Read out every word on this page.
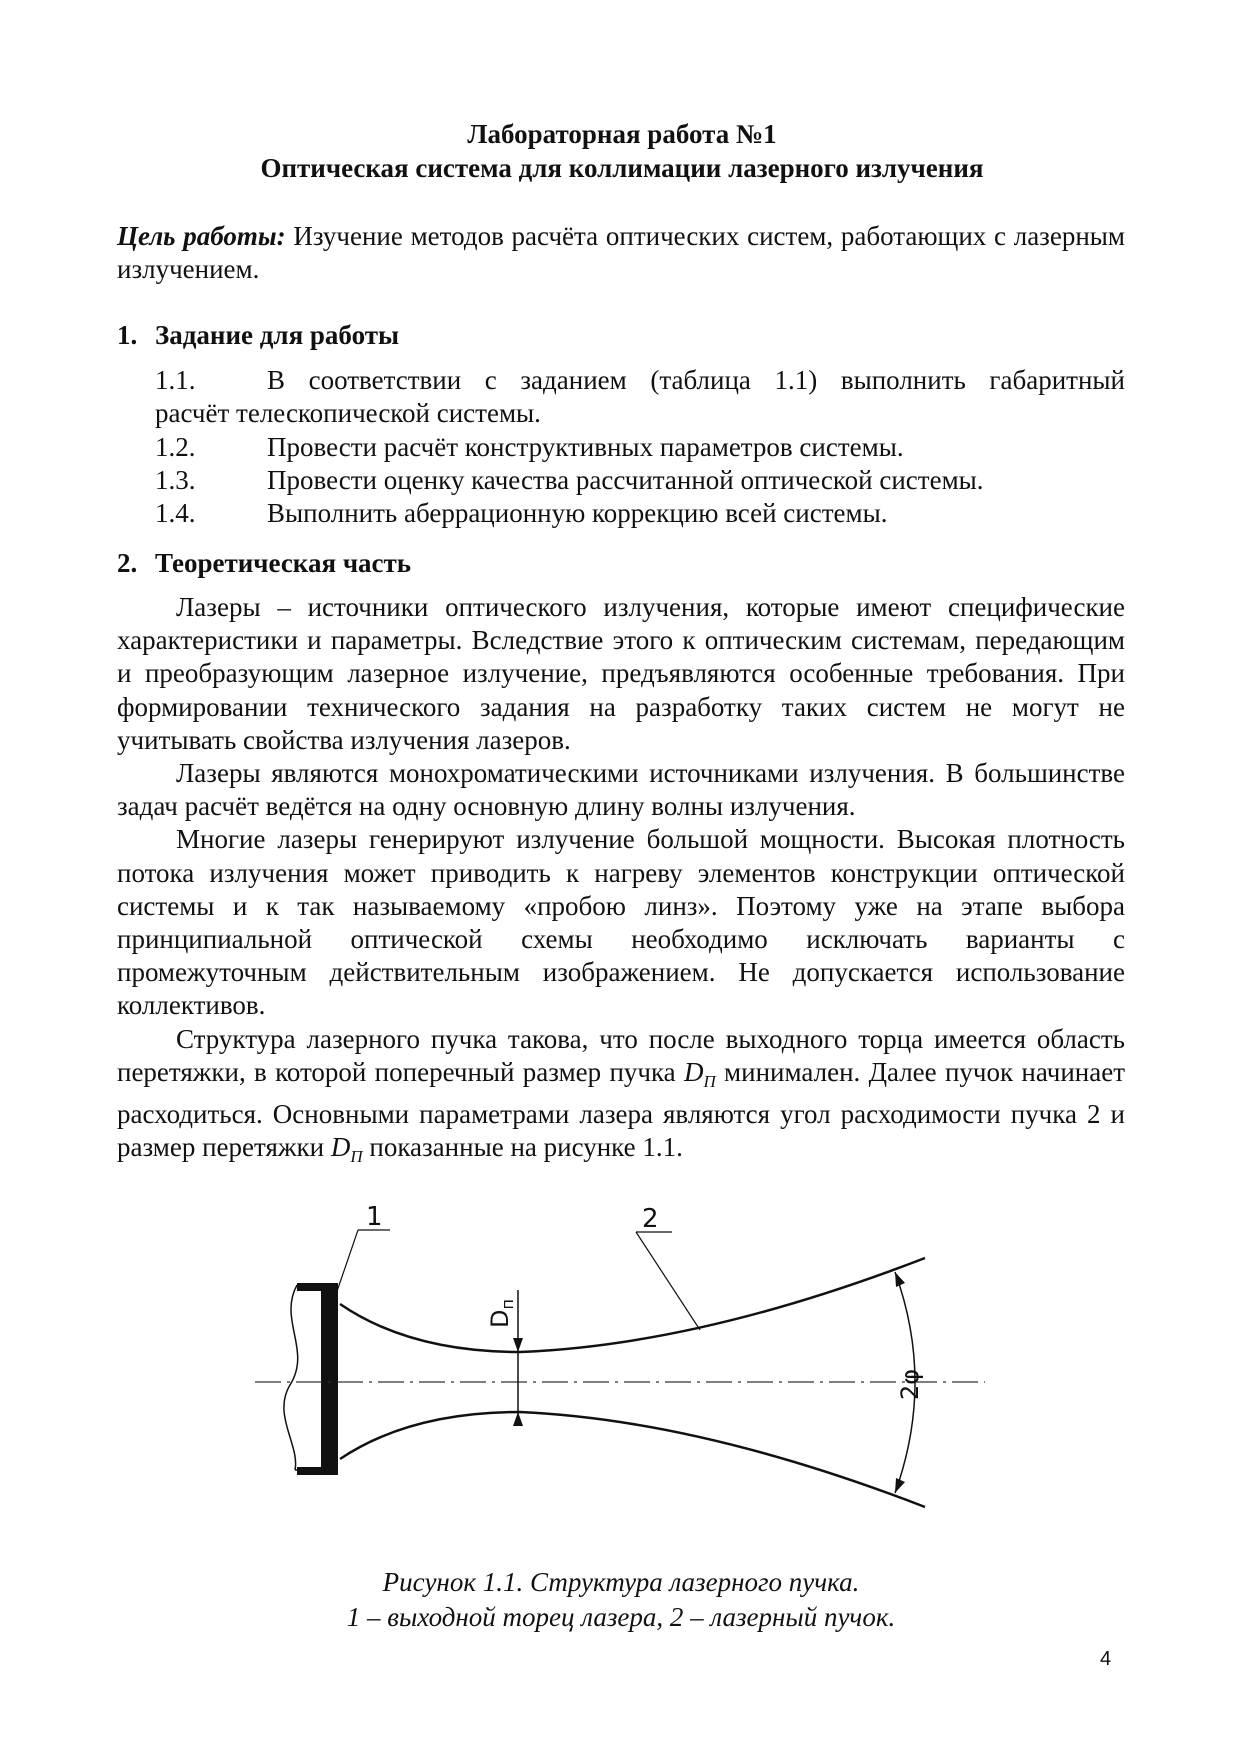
Лабораторная работа №1
Оптическая система для коллимации лазерного излучения
Цель работы: Изучение методов расчёта оптических систем, работающих с лазерным излучением.
1. Задание для работы
1.1.	В соответствии с заданием (таблица 1.1) выполнить габаритный
расчёт телескопической системы.
1.2.	Провести расчёт конструктивных параметров системы.
1.3.	Провести оценку качества рассчитанной оптической системы.
1.4.	Выполнить аберрационную коррекцию всей системы.
2. Теоретическая часть

Лазеры – источники оптического излучения, которые имеют специфические характеристики и параметры. Вследствие этого к оптическим системам, передающим и преобразующим лазерное излучение, предъявляются особенные требования. При формировании технического задания на разработку таких систем не могут не учитывать свойства излучения лазеров.

Лазеры являются монохроматическими источниками излучения. В большинстве задач расчёт ведётся на одну основную длину волны излучения.

Многие лазеры генерируют излучение большой мощности. Высокая плотность потока излучения может приводить к нагреву элементов конструкции оптической системы и к так называемому «пробою линз». Поэтому уже на этапе выбора принципиальной оптической схемы необходимо исключать варианты с промежуточным действительным изображением. Не допускается использование коллективов.

Структура лазерного пучка такова, что после выходного торца имеется область перетяжки, в которой поперечный размер пучка $D_П$ минимален. Далее пучок начинает расходиться. Основными параметрами лазера являются угол расходимости пучка 2 и размер перетяжки $D_П$ показанные на рисунке 1.1.

$D_п$
1	2
2φ
Рисунок 1.1. Структура лазерного пучка.
1 – выходной торец лазера, 2 – лазерный пучок.
4
